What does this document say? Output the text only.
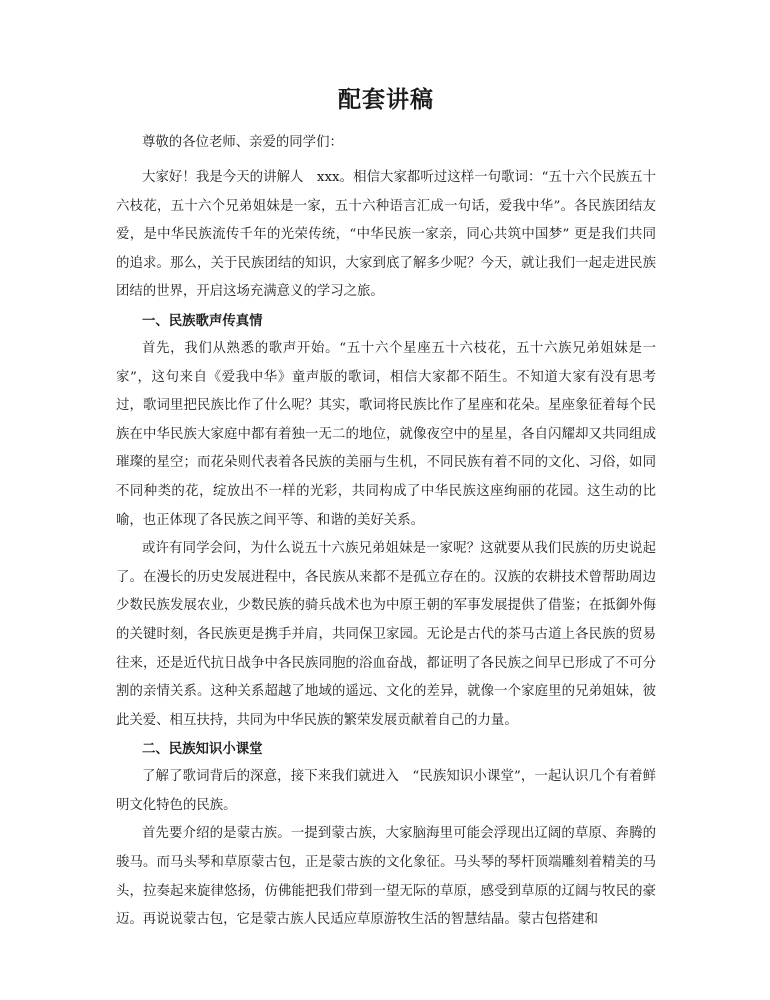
配套讲稿

尊敬的各位老师、亲爱的同学们：

大家好！我是今天的讲解人　xxx。相信大家都听过这样一句歌词：“五十六个民族五十六枝花，五十六个兄弟姐妹是一家，五十六种语言汇成一句话，爱我中华”。各民族团结友爱，是中华民族流传千年的光荣传统，“中华民族一家亲，同心共筑中国梦” 更是我们共同的追求。那么，关于民族团结的知识，大家到底了解多少呢？今天，就让我们一起走进民族团结的世界，开启这场充满意义的学习之旅。

一、民族歌声传真情

首先，我们从熟悉的歌声开始。“五十六个星座五十六枝花，五十六族兄弟姐妹是一家”，这句来自《爱我中华》童声版的歌词，相信大家都不陌生。不知道大家有没有思考过，歌词里把民族比作了什么呢？其实，歌词将民族比作了星座和花朵。星座象征着每个民族在中华民族大家庭中都有着独一无二的地位，就像夜空中的星星，各自闪耀却又共同组成璀璨的星空；而花朵则代表着各民族的美丽与生机，不同民族有着不同的文化、习俗，如同不同种类的花，绽放出不一样的光彩，共同构成了中华民族这座绚丽的花园。这生动的比喻，也正体现了各民族之间平等、和谐的美好关系。

或许有同学会问，为什么说五十六族兄弟姐妹是一家呢？这就要从我们民族的历史说起了。在漫长的历史发展进程中，各民族从来都不是孤立存在的。汉族的农耕技术曾帮助周边少数民族发展农业，少数民族的骑兵战术也为中原王朝的军事发展提供了借鉴；在抵御外侮的关键时刻，各民族更是携手并肩，共同保卫家园。无论是古代的茶马古道上各民族的贸易往来，还是近代抗日战争中各民族同胞的浴血奋战，都证明了各民族之间早已形成了不可分割的亲情关系。这种关系超越了地域的遥远、文化的差异，就像一个家庭里的兄弟姐妹，彼此关爱、相互扶持，共同为中华民族的繁荣发展贡献着自己的力量。

二、民族知识小课堂

了解了歌词背后的深意，接下来我们就进入　“民族知识小课堂”，一起认识几个有着鲜明文化特色的民族。

首先要介绍的是蒙古族。一提到蒙古族，大家脑海里可能会浮现出辽阔的草原、奔腾的骏马。而马头琴和草原蒙古包，正是蒙古族的文化象征。马头琴的琴杆顶端雕刻着精美的马头，拉奏起来旋律悠扬，仿佛能把我们带到一望无际的草原，感受到草原的辽阔与牧民的豪迈。再说说蒙古包，它是蒙古族人民适应草原游牧生活的智慧结晶。蒙古包搭建和
